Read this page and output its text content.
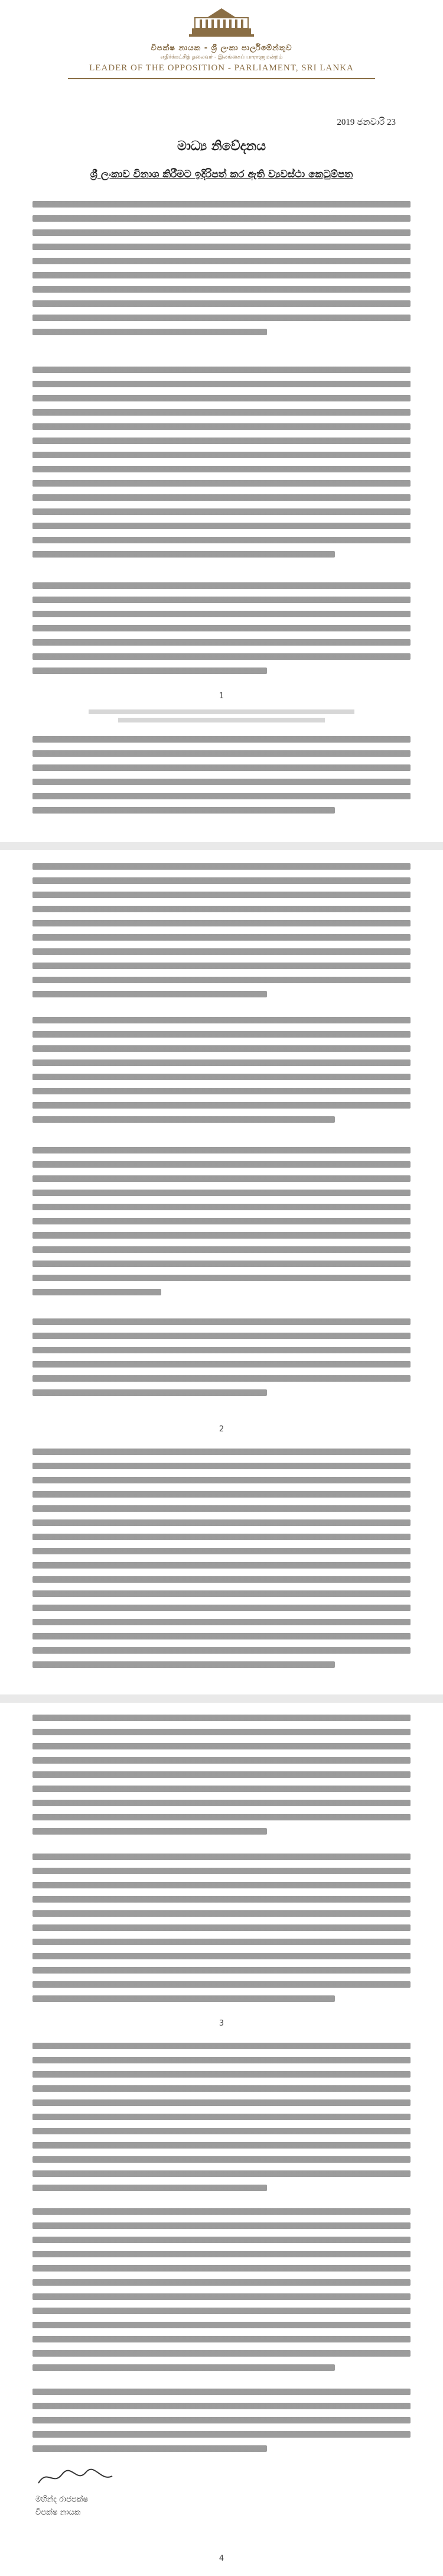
විපක්ෂ නායක - ශ්‍රී ලංකා පාර්ලිමේන්තුව
எதிர்க்கட்சித் தலைவர் - இலங்கைப் பாராளுமன்றம்
LEADER OF THE OPPOSITION - PARLIAMENT, SRI LANKA
2019 ජනවාරි 23
මාධ්‍ය නිවේදනය
ශ්‍රී ලංකාව විනාශ කිරීමට ඉදිරිපත් කර ඇති ව්‍යවස්ථා කෙටුම්පත
1
2
3
මහින්ද රාජපක්ෂ
විපක්ෂ නායක
4
